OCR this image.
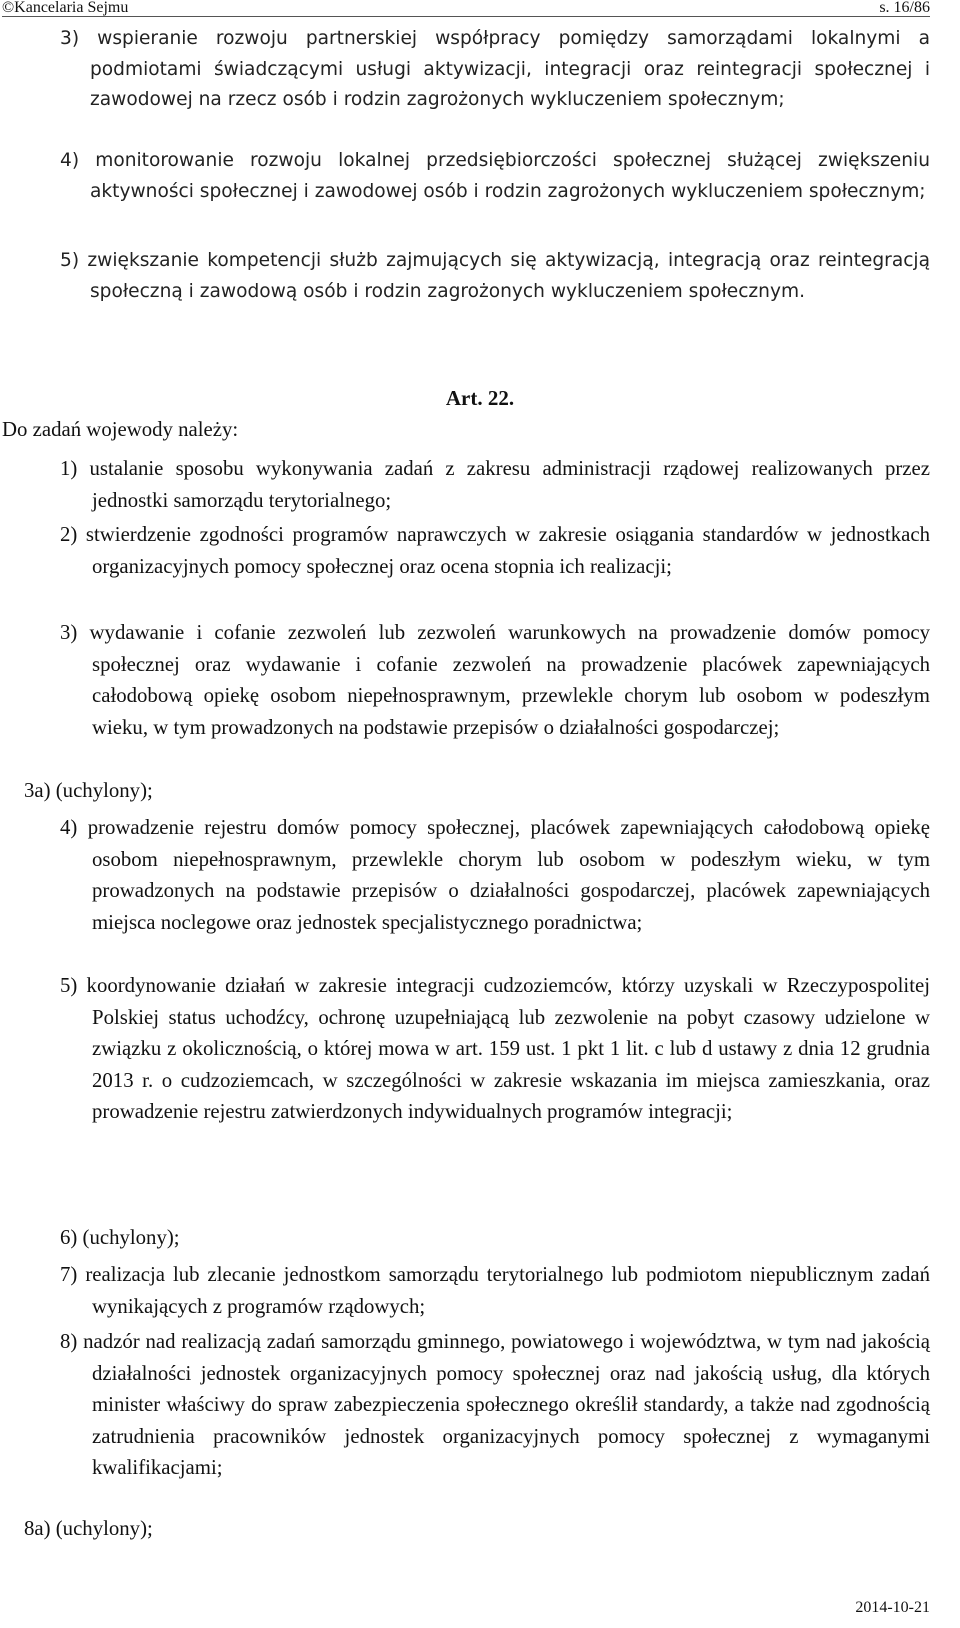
©Kancelaria Sejmu	s. 16/86
3) wspieranie rozwoju partnerskiej współpracy pomiędzy samorządami lokalnymi a podmiotami świadczącymi usługi aktywizacji, integracji oraz reintegracji społecznej i zawodowej na rzecz osób i rodzin zagrożonych wykluczeniem społecznym;
4) monitorowanie rozwoju lokalnej przedsiębiorczości społecznej służącej zwiększeniu aktywności społecznej i zawodowej osób i rodzin zagrożonych wykluczeniem społecznym;
5) zwiększanie kompetencji służb zajmujących się aktywizacją, integracją oraz reintegracją społeczną i zawodową osób i rodzin zagrożonych wykluczeniem społecznym.
Art. 22.
Do zadań wojewody należy:
1) ustalanie sposobu wykonywania zadań z zakresu administracji rządowej realizowanych przez jednostki samorządu terytorialnego;
2) stwierdzenie zgodności programów naprawczych w zakresie osiągania standardów w jednostkach organizacyjnych pomocy społecznej oraz ocena stopnia ich realizacji;
3) wydawanie i cofanie zezwoleń lub zezwoleń warunkowych na prowadzenie domów pomocy społecznej oraz wydawanie i cofanie zezwoleń na prowadzenie placówek zapewniających całodobową opiekę osobom niepełnosprawnym, przewlekle chorym lub osobom w podeszłym wieku, w tym prowadzonych na podstawie przepisów o działalności gospodarczej;
3a) (uchylony);
4) prowadzenie rejestru domów pomocy społecznej, placówek zapewniających całodobową opiekę osobom niepełnosprawnym, przewlekle chorym lub osobom w podeszłym wieku, w tym prowadzonych na podstawie przepisów o działalności gospodarczej, placówek zapewniających miejsca noclegowe oraz jednostek specjalistycznego poradnictwa;
5) koordynowanie działań w zakresie integracji cudzoziemców, którzy uzyskali w Rzeczypospolitej Polskiej status uchodźcy, ochronę uzupełniającą lub zezwolenie na pobyt czasowy udzielone w związku z okolicznością, o której mowa w art. 159 ust. 1 pkt 1 lit. c lub d ustawy z dnia 12 grudnia 2013 r. o cudzoziemcach, w szczególności w zakresie wskazania im miejsca zamieszkania, oraz prowadzenie rejestru zatwierdzonych indywidualnych programów integracji;
6) (uchylony);
7) realizacja lub zlecanie jednostkom samorządu terytorialnego lub podmiotom niepublicznym zadań wynikających z programów rządowych;
8) nadzór nad realizacją zadań samorządu gminnego, powiatowego i województwa, w tym nad jakością działalności jednostek organizacyjnych pomocy społecznej oraz nad jakością usług, dla których minister właściwy do spraw zabezpieczenia społecznego określił standardy, a także nad zgodnością zatrudnienia pracowników jednostek organizacyjnych pomocy społecznej z wymaganymi kwalifikacjami;
8a) (uchylony);
2014-10-21
